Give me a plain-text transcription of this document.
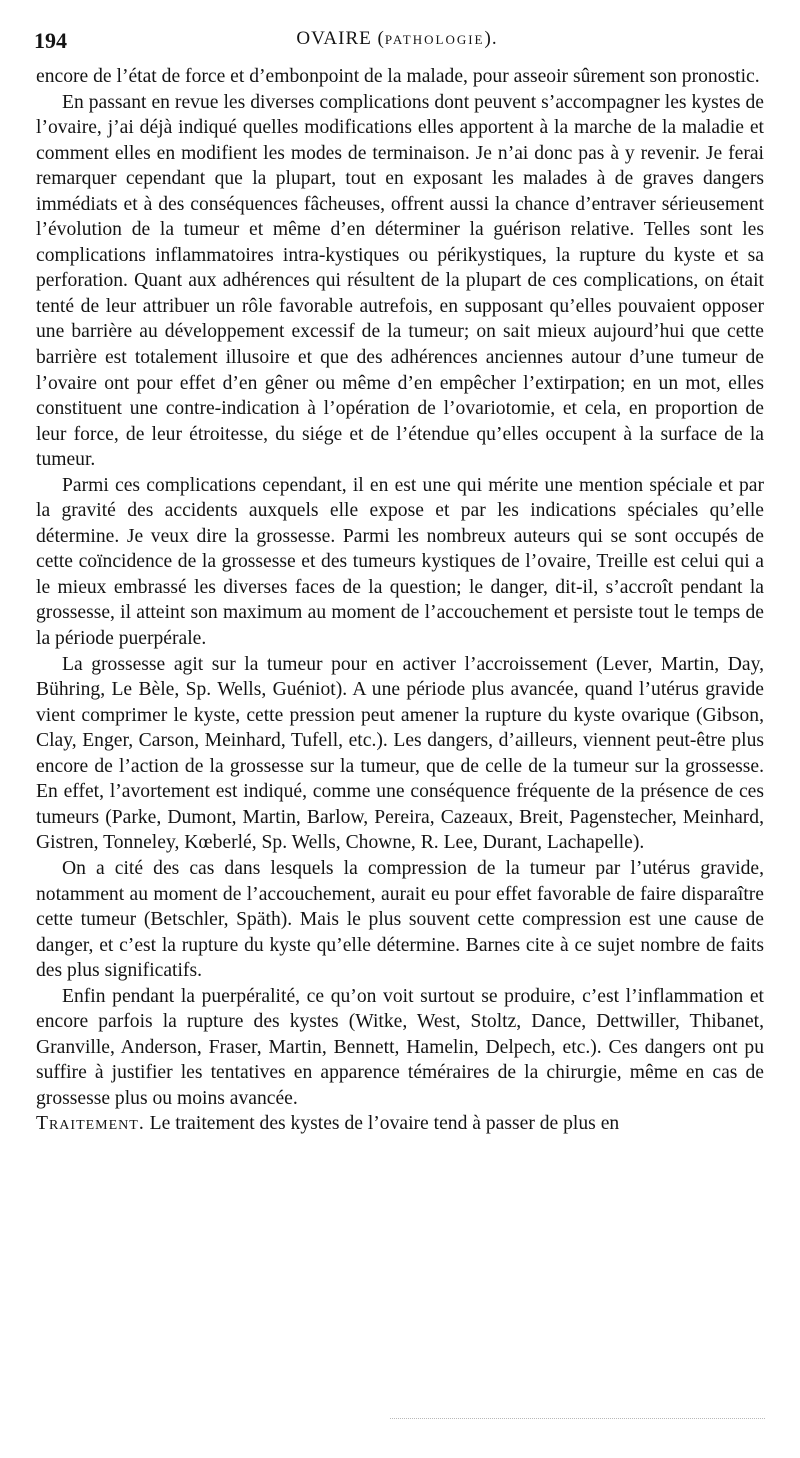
194	OVAIRE (PATHOLOGIE).

encore de l’état de force et d’embonpoint de la malade, pour asseoir sûrement son pronostic.

En passant en revue les diverses complications dont peuvent s’accompagner les kystes de l’ovaire, j’ai déjà indiqué quelles modifications elles apportent à la marche de la maladie et comment elles en modifient les modes de terminaison. Je n’ai donc pas à y revenir. Je ferai remarquer cependant que la plupart, tout en exposant les malades à de graves dangers immédiats et à des conséquences fâcheuses, offrent aussi la chance d’entraver sérieusement l’évolution de la tumeur et même d’en déterminer la guérison relative. Telles sont les complications inflammatoires intra-kystiques ou périkystiques, la rupture du kyste et sa perforation. Quant aux adhérences qui résultent de la plupart de ces complications, on était tenté de leur attribuer un rôle favorable autrefois, en supposant qu’elles pouvaient opposer une barrière au développement excessif de la tumeur; on sait mieux aujourd’hui que cette barrière est totalement illusoire et que des adhérences anciennes autour d’une tumeur de l’ovaire ont pour effet d’en gêner ou même d’en empêcher l’extirpation; en un mot, elles constituent une contre-indication à l’opération de l’ovariotomie, et cela, en proportion de leur force, de leur étroitesse, du siége et de l’étendue qu’elles occupent à la surface de la tumeur.

Parmi ces complications cependant, il en est une qui mérite une mention spéciale et par la gravité des accidents auxquels elle expose et par les indications spéciales qu’elle détermine. Je veux dire la grossesse. Parmi les nombreux auteurs qui se sont occupés de cette coïncidence de la grossesse et des tumeurs kystiques de l’ovaire, Treille est celui qui a le mieux embrassé les diverses faces de la question; le danger, dit-il, s’accroît pendant la grossesse, il atteint son maximum au moment de l’accouchement et persiste tout le temps de la période puerpérale.

La grossesse agit sur la tumeur pour en activer l’accroissement (Lever, Martin, Day, Bühring, Le Bèle, Sp. Wells, Guéniot). A une période plus avancée, quand l’utérus gravide vient comprimer le kyste, cette pression peut amener la rupture du kyste ovarique (Gibson, Clay, Enger, Carson, Meinhard, Tufell, etc.). Les dangers, d’ailleurs, viennent peut-être plus encore de l’action de la grossesse sur la tumeur, que de celle de la tumeur sur la grossesse. En effet, l’avortement est indiqué, comme une conséquence fréquente de la présence de ces tumeurs (Parke, Dumont, Martin, Barlow, Pereira, Cazeaux, Breit, Pagenstecher, Meinhard, Gistren, Tonneley, Kœberlé, Sp. Wells, Chowne, R. Lee, Durant, Lachapelle).

On a cité des cas dans lesquels la compression de la tumeur par l’utérus gravide, notamment au moment de l’accouchement, aurait eu pour effet favorable de faire disparaître cette tumeur (Betschler, Späth). Mais le plus souvent cette compression est une cause de danger, et c’est la rupture du kyste qu’elle détermine. Barnes cite à ce sujet nombre de faits des plus significatifs.

Enfin pendant la puerpéralité, ce qu’on voit surtout se produire, c’est l’inflammation et encore parfois la rupture des kystes (Witke, West, Stoltz, Dance, Dettwiller, Thibanet, Granville, Anderson, Fraser, Martin, Bennett, Hamelin, Delpech, etc.). Ces dangers ont pu suffire à justifier les tentatives en apparence téméraires de la chirurgie, même en cas de grossesse plus ou moins avancée.

Traitement. Le traitement des kystes de l’ovaire tend à passer de plus en
